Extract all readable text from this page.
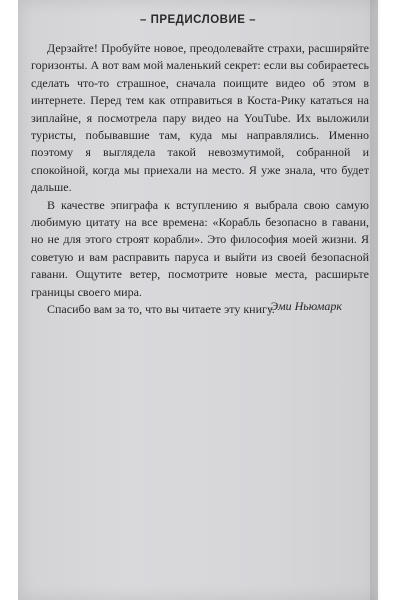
– ПРЕДИСЛОВИЕ –

Дерзайте! Пробуйте новое, преодолевайте страхи, расширяйте горизонты. А вот вам мой маленький секрет: если вы собираетесь сделать что-то страшное, сначала поищите видео об этом в интернете. Перед тем как отправиться в Коста-Рику кататься на зиплайне, я посмотрела пару видео на YouTube. Их выложили туристы, побывавшие там, куда мы направлялись. Именно поэтому я выглядела такой невозмутимой, собранной и спокойной, когда мы приехали на место. Я уже знала, что будет дальше.

В качестве эпиграфа к вступлению я выбрала свою самую любимую цитату на все времена: «Корабль безопасно в гавани, но не для этого строят корабли». Это философия моей жизни. Я советую и вам расправить паруса и выйти из своей безопасной гавани. Ощутите ветер, посмотрите новые места, расширьте границы своего мира.

Спасибо вам за то, что вы читаете эту книгу.

Эми Ньюмарк
